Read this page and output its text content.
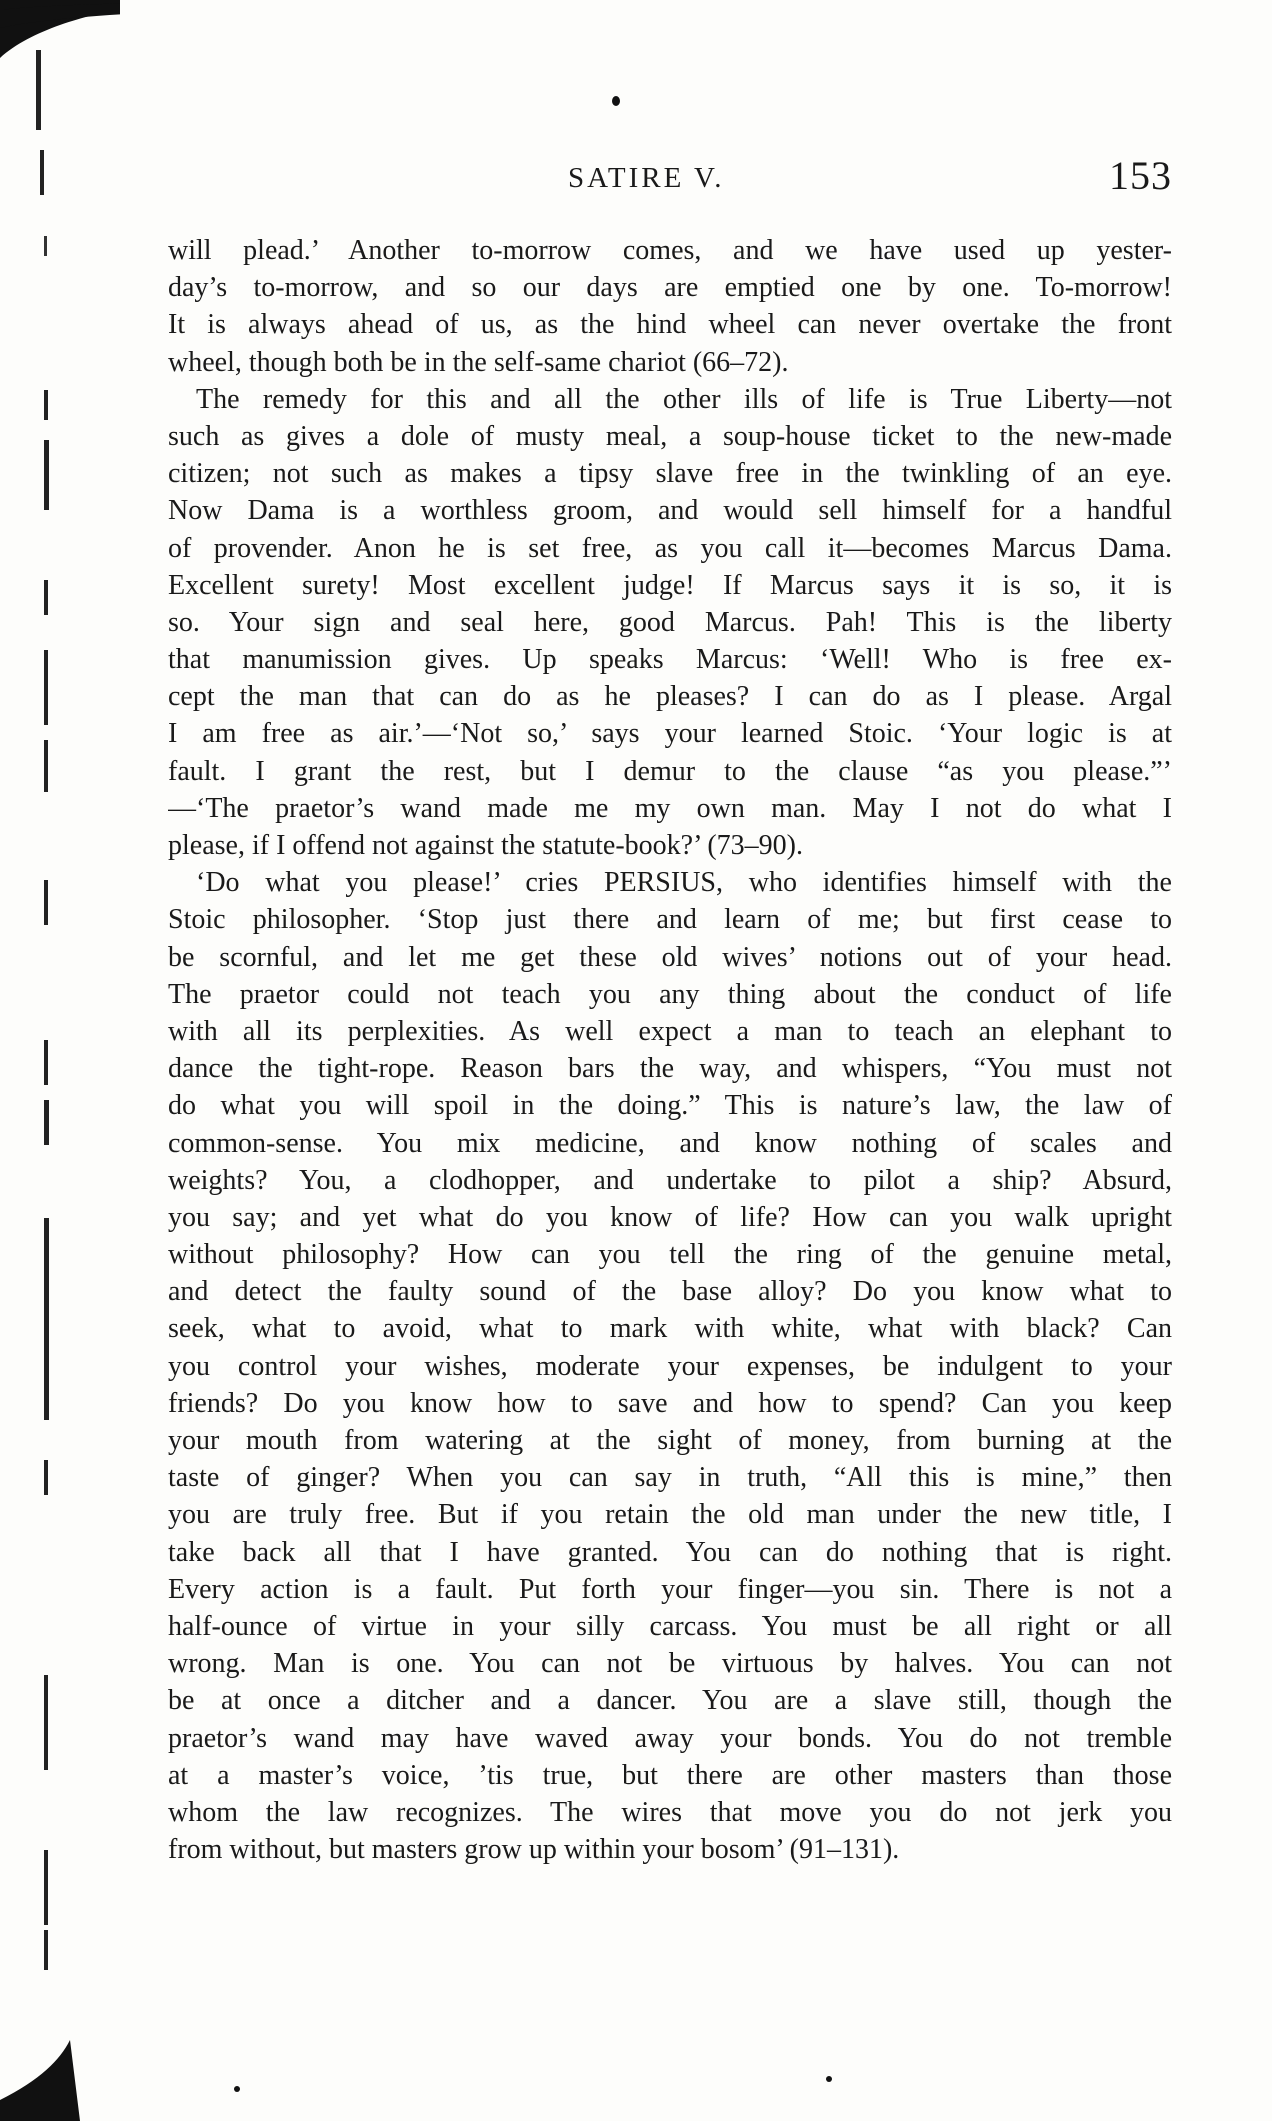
SATIRE V.	153
will plead.’ Another to-morrow comes, and we have used up yester-
day’s to-morrow, and so our days are emptied one by one. To-morrow!
It is always ahead of us, as the hind wheel can never overtake the front
wheel, though both be in the self-same chariot (66–72).
The remedy for this and all the other ills of life is True Liberty—not
such as gives a dole of musty meal, a soup-house ticket to the new-made
citizen; not such as makes a tipsy slave free in the twinkling of an eye.
Now Dama is a worthless groom, and would sell himself for a handful
of provender. Anon he is set free, as you call it—becomes Marcus Dama.
Excellent surety! Most excellent judge! If Marcus says it is so, it is
so. Your sign and seal here, good Marcus. Pah! This is the liberty
that manumission gives. Up speaks Marcus: ‘Well! Who is free ex-
cept the man that can do as he pleases? I can do as I please. Argal
I am free as air.’—‘Not so,’ says your learned Stoic. ‘Your logic is at
fault. I grant the rest, but I demur to the clause “as you please.”’
—‘The praetor’s wand made me my own man. May I not do what I
please, if I offend not against the statute-book?’ (73–90).
‘Do what you please!’ cries PERSIUS, who identifies himself with the
Stoic philosopher. ‘Stop just there and learn of me; but first cease to
be scornful, and let me get these old wives’ notions out of your head.
The praetor could not teach you any thing about the conduct of life
with all its perplexities. As well expect a man to teach an elephant to
dance the tight-rope. Reason bars the way, and whispers, “You must not
do what you will spoil in the doing.” This is nature’s law, the law of
common-sense. You mix medicine, and know nothing of scales and
weights? You, a clodhopper, and undertake to pilot a ship? Absurd,
you say; and yet what do you know of life? How can you walk upright
without philosophy? How can you tell the ring of the genuine metal,
and detect the faulty sound of the base alloy? Do you know what to
seek, what to avoid, what to mark with white, what with black? Can
you control your wishes, moderate your expenses, be indulgent to your
friends? Do you know how to save and how to spend? Can you keep
your mouth from watering at the sight of money, from burning at the
taste of ginger? When you can say in truth, “All this is mine,” then
you are truly free. But if you retain the old man under the new title, I
take back all that I have granted. You can do nothing that is right.
Every action is a fault. Put forth your finger—you sin. There is not a
half-ounce of virtue in your silly carcass. You must be all right or all
wrong. Man is one. You can not be virtuous by halves. You can not
be at once a ditcher and a dancer. You are a slave still, though the
praetor’s wand may have waved away your bonds. You do not tremble
at a master’s voice, ’tis true, but there are other masters than those
whom the law recognizes. The wires that move you do not jerk you
from without, but masters grow up within your bosom’ (91–131).
